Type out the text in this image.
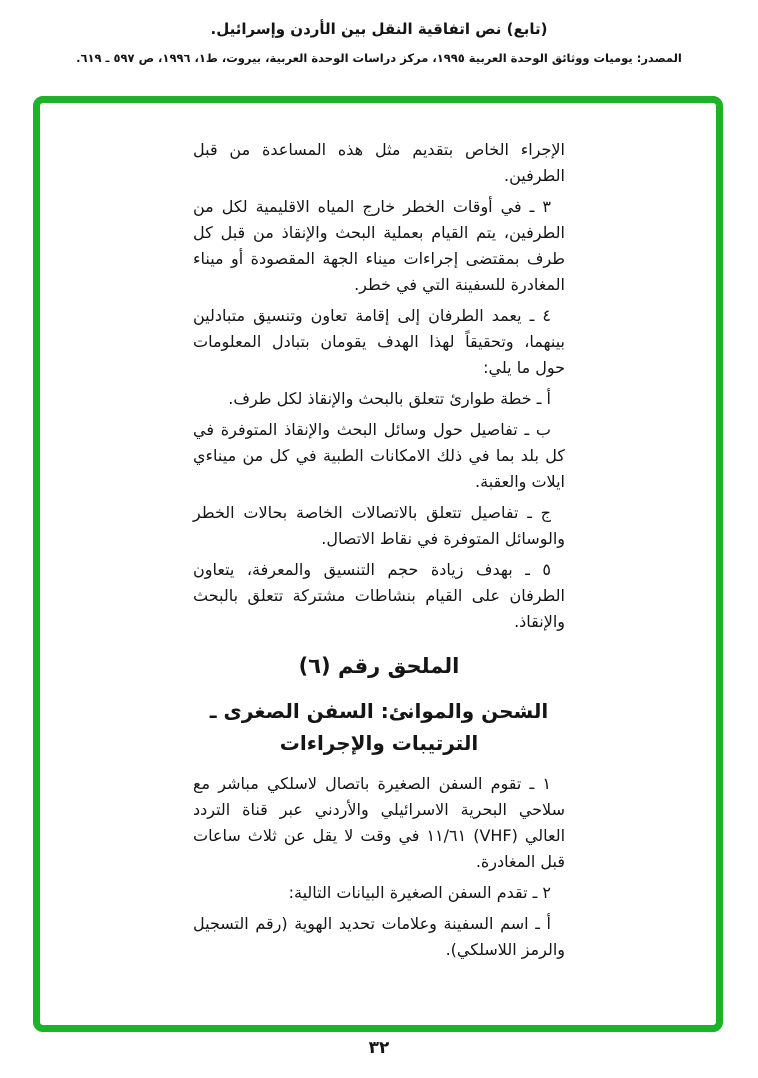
(تابع) نص اتفاقية النقل بين الأردن وإسرائيل.
المصدر: يوميات ووثائق الوحدة العربية ١٩٩٥، مركز دراسات الوحدة العربية، بيروت، ط١، ١٩٩٦، ص ٥٩٧ ـ ٦١٩.

الإجراء الخاص بتقديم مثل هذه المساعدة من قبل الطرفين.

٣ ـ في أوقات الخطر خارج المياه الاقليمية لكل من الطرفين، يتم القيام بعملية البحث والإنقاذ من قبل كل طرف بمقتضى إجراءات ميناء الجهة المقصودة أو ميناء المغادرة للسفينة التي في خطر.

٤ ـ يعمد الطرفان إلى إقامة تعاون وتنسيق متبادلين بينهما، وتحقيقاً لهذا الهدف يقومان بتبادل المعلومات حول ما يلي:

أ ـ خطة طوارئ تتعلق بالبحث والإنقاذ لكل طرف.

ب ـ تفاصيل حول وسائل البحث والإنقاذ المتوفرة في كل بلد بما في ذلك الامكانات الطبية في كل من ميناءي ايلات والعقبة.

ج ـ تفاصيل تتعلق بالاتصالات الخاصة بحالات الخطر والوسائل المتوفرة في نقاط الاتصال.

٥ ـ بهدف زيادة حجم التنسيق والمعرفة، يتعاون الطرفان على القيام بنشاطات مشتركة تتعلق بالبحث والإنقاذ.

الملحق رقم (٦)
الشحن والموانئ: السفن الصغرى ـ
الترتيبات والإجراءات

١ ـ تقوم السفن الصغيرة باتصال لاسلكي مباشر مع سلاحي البحرية الاسرائيلي والأردني عبر قناة التردد العالي (VHF) ١١/٦١ في وقت لا يقل عن ثلاث ساعات قبل المغادرة.

٢ ـ تقدم السفن الصغيرة البيانات التالية:

أ ـ اسم السفينة وعلامات تحديد الهوية (رقم التسجيل والرمز اللاسلكي).

٣٢
